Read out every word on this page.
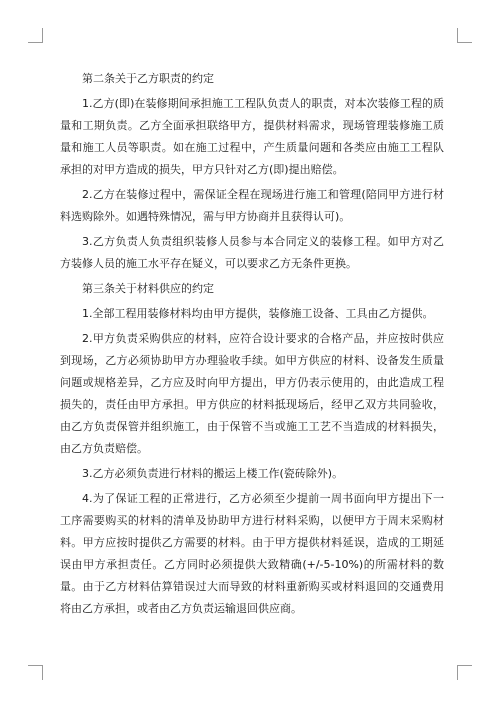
第二条关于乙方职责的约定

1.乙方(即)在装修期间承担施工工程队负责人的职责，对本次装修工程的质量和工期负责。乙方全面承担联络甲方，提供材料需求，现场管理装修施工质量和施工人员等职责。如在施工过程中，产生质量问题和各类应由施工工程队承担的对甲方造成的损失，甲方只针对乙方(即)提出赔偿。

2.乙方在装修过程中，需保证全程在现场进行施工和管理(陪同甲方进行材料选购除外。如遇特殊情况，需与甲方协商并且获得认可)。

3.乙方负责人负责组织装修人员参与本合同定义的装修工程。如甲方对乙方装修人员的施工水平存在疑义，可以要求乙方无条件更换。

第三条关于材料供应的约定

1.全部工程用装修材料均由甲方提供，装修施工设备、工具由乙方提供。

2.甲方负责采购供应的材料，应符合设计要求的合格产品，并应按时供应到现场，乙方必须协助甲方办理验收手续。如甲方供应的材料、设备发生质量问题或规格差异，乙方应及时向甲方提出，甲方仍表示使用的，由此造成工程损失的，责任由甲方承担。甲方供应的材料抵现场后，经甲乙双方共同验收，由乙方负责保管并组织施工，由于保管不当或施工工艺不当造成的材料损失，由乙方负责赔偿。

3.乙方必须负责进行材料的搬运上楼工作(瓷砖除外)。

4.为了保证工程的正常进行，乙方必须至少提前一周书面向甲方提出下一工序需要购买的材料的清单及协助甲方进行材料采购，以便甲方于周末采购材料。甲方应按时提供乙方需要的材料。由于甲方提供材料延误，造成的工期延误由甲方承担责任。乙方同时必须提供大致精确(+/-5-10%)的所需材料的数量。由于乙方材料估算错误过大而导致的材料重新购买或材料退回的交通费用将由乙方承担，或者由乙方负责运输退回供应商。
